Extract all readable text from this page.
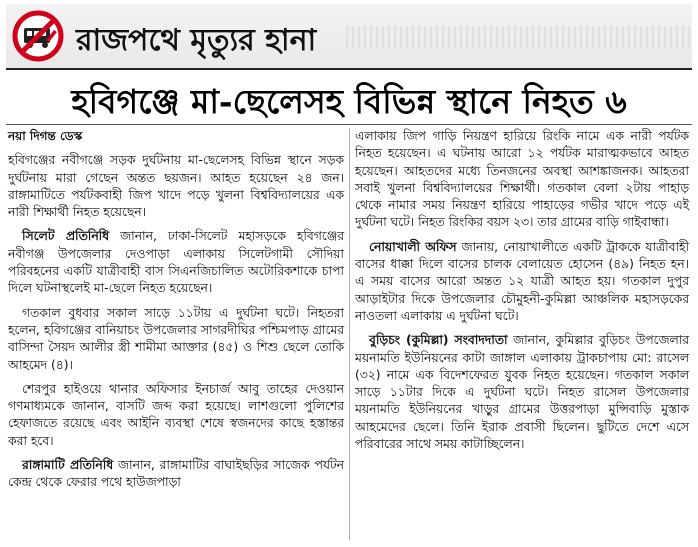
রাজপথে মৃত্যুর হানা
হবিগঞ্জে মা-ছেলেসহ বিভিন্ন স্থানে নিহত ৬

নয়া দিগন্ত ডেস্ক

হবিগঞ্জের নবীগঞ্জে সড়ক দুর্ঘটনায় মা-ছেলেসহ বিভিন্ন স্থানে সড়ক দুর্ঘটনায় মারা গেছেন অন্তত ছয়জন। আহত হয়েছেন ২৪ জন। রাঙ্গামাটিতে পর্যটকবাহী জিপ খাদে পড়ে খুলনা বিশ্ববিদ্যালয়ের এক নারী শিক্ষার্থী নিহত হয়েছেন।

সিলেট প্রতিনিধি জানান, ঢাকা-সিলেট মহাসড়কে হবিগঞ্জের নবীগঞ্জ উপজেলার দেওপাড়া এলাকায় সিলেটগামী সৌদিয়া পরিবহনের একটি যাত্রীবাহী বাস সিএনজিচালিত অটোরিকশাকে চাপা দিলে ঘটনাস্থলেই মা-ছেলে নিহত হয়েছেন।

গতকাল বুধবার সকাল সাড়ে ১১টায় এ দুর্ঘটনা ঘটে। নিহতরা হলেন, হবিগঞ্জের বানিয়াচং উপজেলার সাগরদীঘির পশ্চিমপাড় গ্রামের বাসিন্দা সৈয়দ আলীর স্ত্রী শামীমা আক্তার (৪৫) ও শিশু ছেলে তোকি আহমেদ (৪)।

শেরপুর হাইওয়ে থানার অফিসার ইনচার্জ আবু তাহের দেওয়ান গণমাধ্যমকে জানান, বাসটি জব্দ করা হয়েছে। লাশগুলো পুলিশের হেফাজতে রয়েছে এবং আইনি ব্যবস্থা শেষে স্বজনদের কাছে হস্তান্তর করা হবে।

রাঙ্গামাটি প্রতিনিধি জানান, রাঙ্গামাটির বাঘাইছড়ির সাজেক পর্যটন কেন্দ্র থেকে ফেরার পথে হাউজপাড়া

এলাকায় জিপ গাড়ি নিয়ন্ত্রণ হারিয়ে রিংকি নামে এক নারী পর্যটক নিহত হয়েছেন। এ ঘটনায় আরো ১২ পর্যটক মারাত্মকভাবে আহত হয়েছেন। আহতদের মধ্যে তিনজনের অবস্থা আশঙ্কাজনক। আহতরা সবাই খুলনা বিশ্ববিদ্যালয়ের শিক্ষার্থী। গতকাল বেলা ২টায় পাহাড় থেকে নামার সময় নিয়ন্ত্রণ হারিয়ে পাহাড়ের গভীর খাদে পড়ে এই দুর্ঘটনা ঘটে। নিহত রিংকির বয়স ২৩। তার গ্রামের বাড়ি গাইবান্ধা।

নোয়াখালী অফিস জানায়, নোয়াখালীতে একটি ট্রাককে যাত্রীবাহী বাসের ধাক্কা দিলে বাসের চালক বেলায়েত হোসেন (৪৯) নিহত হন। এ সময় বাসের আরো অন্তত ১২ যাত্রী আহত হয়। গতকাল দুপুর আড়াইটার দিকে উপজেলার চৌমুহনী-কুমিল্লা আঞ্চলিক মহাসড়কের নাওতলা এলাকায় এ দুর্ঘটনা ঘটে।

বুড়িচং (কুমিল্লা) সংবাদদাতা জানান, কুমিল্লার বুড়িচং উপজেলার ময়নামতি ইউনিয়নের কাটা জাঙ্গাল এলাকায় ট্রাকচাপায় মো: রাসেল (৩২) নামে এক বিদেশফেরত যুবক নিহত হয়েছেন। গতকাল সকাল সাড়ে ১১টার দিকে এ দুর্ঘটনা ঘটে। নিহত রাসেল উপজেলার ময়নামতি ইউনিয়নের খাড়ুর গ্রামের উত্তরপাড়া মুন্সিবাড়ি মুস্তাক আহমেদের ছেলে। তিনি ইরাক প্রবাসী ছিলেন। ছুটিতে দেশে এসে পরিবারের সাথে সময় কাটাচ্ছিলেন।
